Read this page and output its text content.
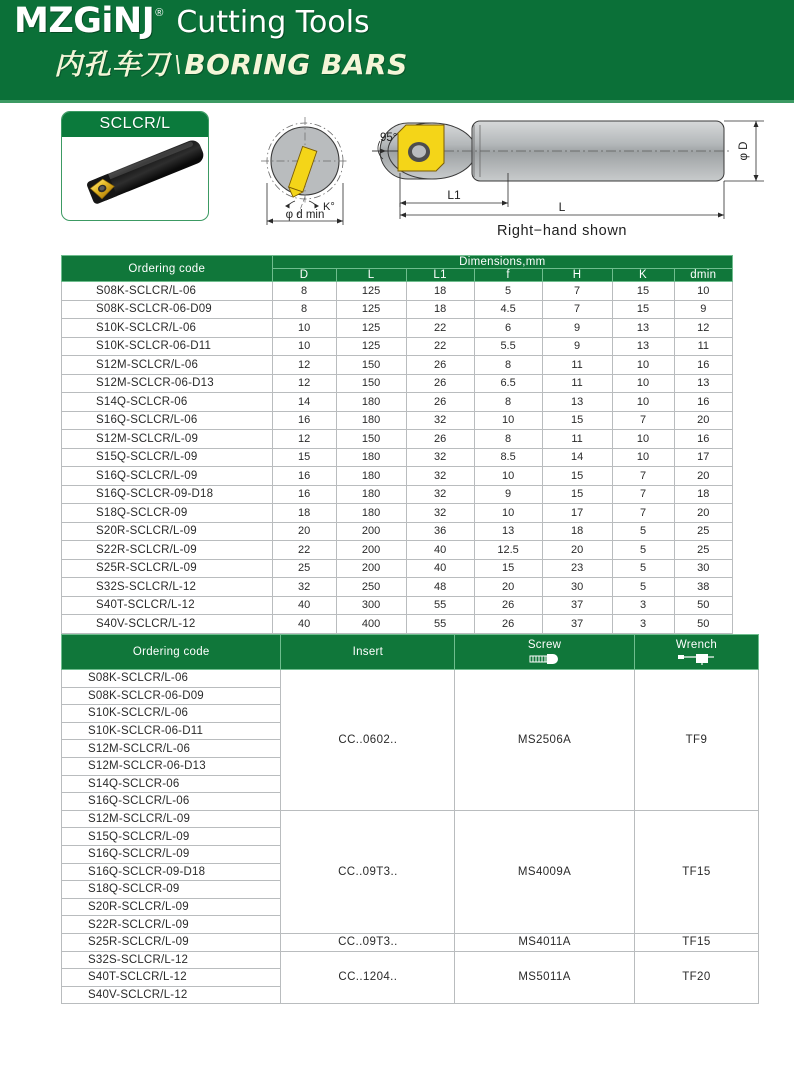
MZGiNJ ® Cutting Tools
内孔车刀 \ BORING BARS
SCLCR/L
K°
φ d min
95°
φ D
L1
L
Right−hand shown
Ordering code	Dimensions,mm						
	D	L	L1	f	H	K	dmin
S08K-SCLCR/L-06	8	125	18	5	7	15	10
S08K-SCLCR-06-D09	8	125	18	4.5	7	15	9
S10K-SCLCR/L-06	10	125	22	6	9	13	12
S10K-SCLCR-06-D11	10	125	22	5.5	9	13	11
S12M-SCLCR/L-06	12	150	26	8	11	10	16
S12M-SCLCR-06-D13	12	150	26	6.5	11	10	13
S14Q-SCLCR-06	14	180	26	8	13	10	16
S16Q-SCLCR/L-06	16	180	32	10	15	7	20
S12M-SCLCR/L-09	12	150	26	8	11	10	16
S15Q-SCLCR/L-09	15	180	32	8.5	14	10	17
S16Q-SCLCR/L-09	16	180	32	10	15	7	20
S16Q-SCLCR-09-D18	16	180	32	9	15	7	18
S18Q-SCLCR-09	18	180	32	10	17	7	20
S20R-SCLCR/L-09	20	200	36	13	18	5	25
S22R-SCLCR/L-09	22	200	40	12.5	20	5	25
S25R-SCLCR/L-09	25	200	40	15	23	5	30
S32S-SCLCR/L-12	32	250	48	20	30	5	38
S40T-SCLCR/L-12	40	300	55	26	37	3	50
S40V-SCLCR/L-12	40	400	55	26	37	3	50
Ordering code	Insert	Screw	Wrench

S08K-SCLCR/L-06	CC..0602..	MS2506A	TF9
S08K-SCLCR-06-D09			
S10K-SCLCR/L-06			
S10K-SCLCR-06-D11			
S12M-SCLCR/L-06			
S12M-SCLCR-06-D13			
S14Q-SCLCR-06			
S16Q-SCLCR/L-06			
S12M-SCLCR/L-09	CC..09T3..	MS4009A	TF15
S15Q-SCLCR/L-09			
S16Q-SCLCR/L-09			
S16Q-SCLCR-09-D18			
S18Q-SCLCR-09			
S20R-SCLCR/L-09			
S22R-SCLCR/L-09			
S25R-SCLCR/L-09	CC..09T3..	MS4011A	TF15
S32S-SCLCR/L-12	CC..1204..	MS5011A	TF20
S40T-SCLCR/L-12			
S40V-SCLCR/L-12			
